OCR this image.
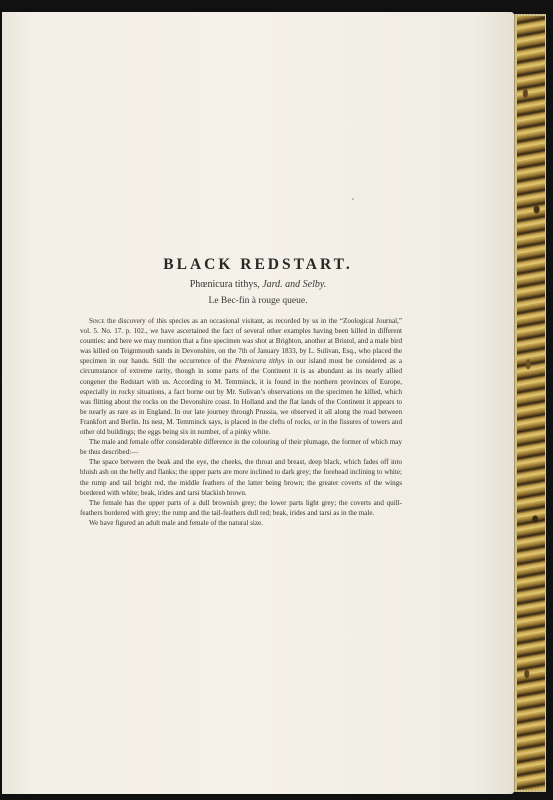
BLACK REDSTART.
Phœnicura tithys, Jard. and Selby.
Le Bec-fin à rouge queue.

Since the discovery of this species as an occasional visitant, as recorded by us in the “Zoological Journal,” vol. 5. No. 17. p. 102., we have ascertained the fact of several other examples having been killed in different counties: and here we may mention that a fine specimen was shot at Brighton, another at Bristol, and a male bird was killed on Teignmouth sands in Devonshire, on the 7th of January 1833, by L. Sulivan, Esq., who placed the specimen in our hands. Still the occurrence of the Phœnicura tithys in our island must be considered as a circumstance of extreme rarity, though in some parts of the Continent it is as abundant as its nearly allied congener the Redstart with us. According to M. Temminck, it is found in the northern provinces of Europe, especially in rocky situations, a fact borne out by Mr. Sulivan’s observations on the specimen he killed, which was flitting about the rocks on the Devonshire coast. In Holland and the flat lands of the Continent it appears to be nearly as rare as in England. In our late journey through Prussia, we observed it all along the road between Frankfort and Berlin. Its nest, M. Temminck says, is placed in the clefts of rocks, or in the fissures of towers and other old buildings; the eggs being six in number, of a pinky white.

The male and female offer considerable difference in the colouring of their plumage, the former of which may be thus described:—

The space between the beak and the eye, the cheeks, the throat and breast, deep black, which fades off into bluish ash on the belly and flanks; the upper parts are more inclined to dark grey; the forehead inclining to white; the rump and tail bright red, the middle feathers of the latter being brown; the greater coverts of the wings bordered with white; beak, irides and tarsi blackish brown.

The female has the upper parts of a dull brownish grey; the lower parts light grey; the coverts and quill-feathers bordered with grey; the rump and the tail-feathers dull red; beak, irides and tarsi as in the male.

We have figured an adult male and female of the natural size.
